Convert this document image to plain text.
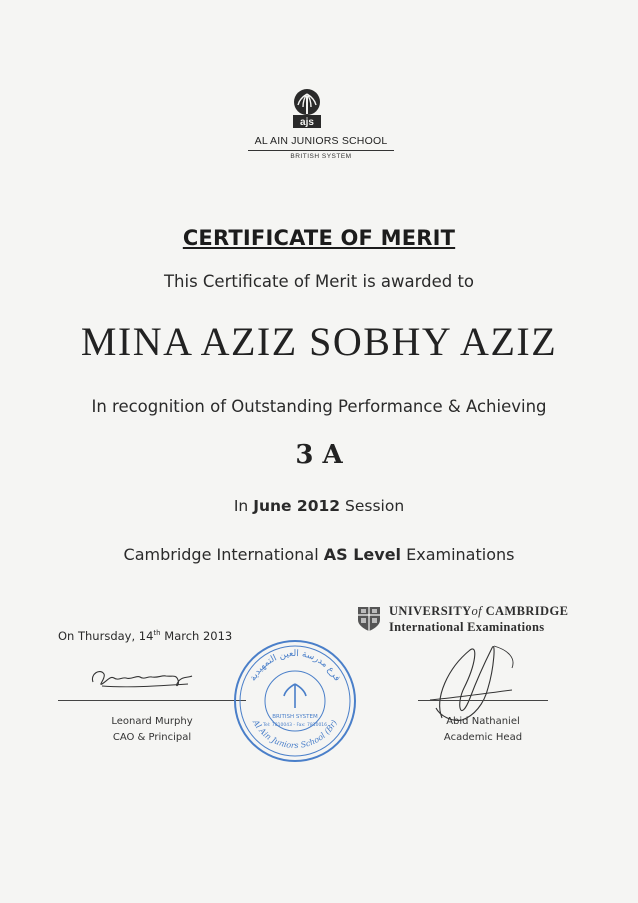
ajs
AL AIN JUNIORS SCHOOL
BRITISH SYSTEM
CERTIFICATE OF MERIT
This Certificate of Merit is awarded to
MINA AZIZ SOBHY AZIZ
In recognition of Outstanding Performance & Achieving
3 A
In June 2012 Session
Cambridge International AS Level Examinations
UNIVERSITYof CAMBRIDGE
International Examinations
On Thursday, 14th March 2013
Leonard Murphy
CAO & Principal
فرع مدرسة العين التمهيدية
Al Ain Juniors School (Br)
BRITISH SYSTEM
Tel: 7810043 - Fax: 7810016	Abid Nathaniel
Academic Head
